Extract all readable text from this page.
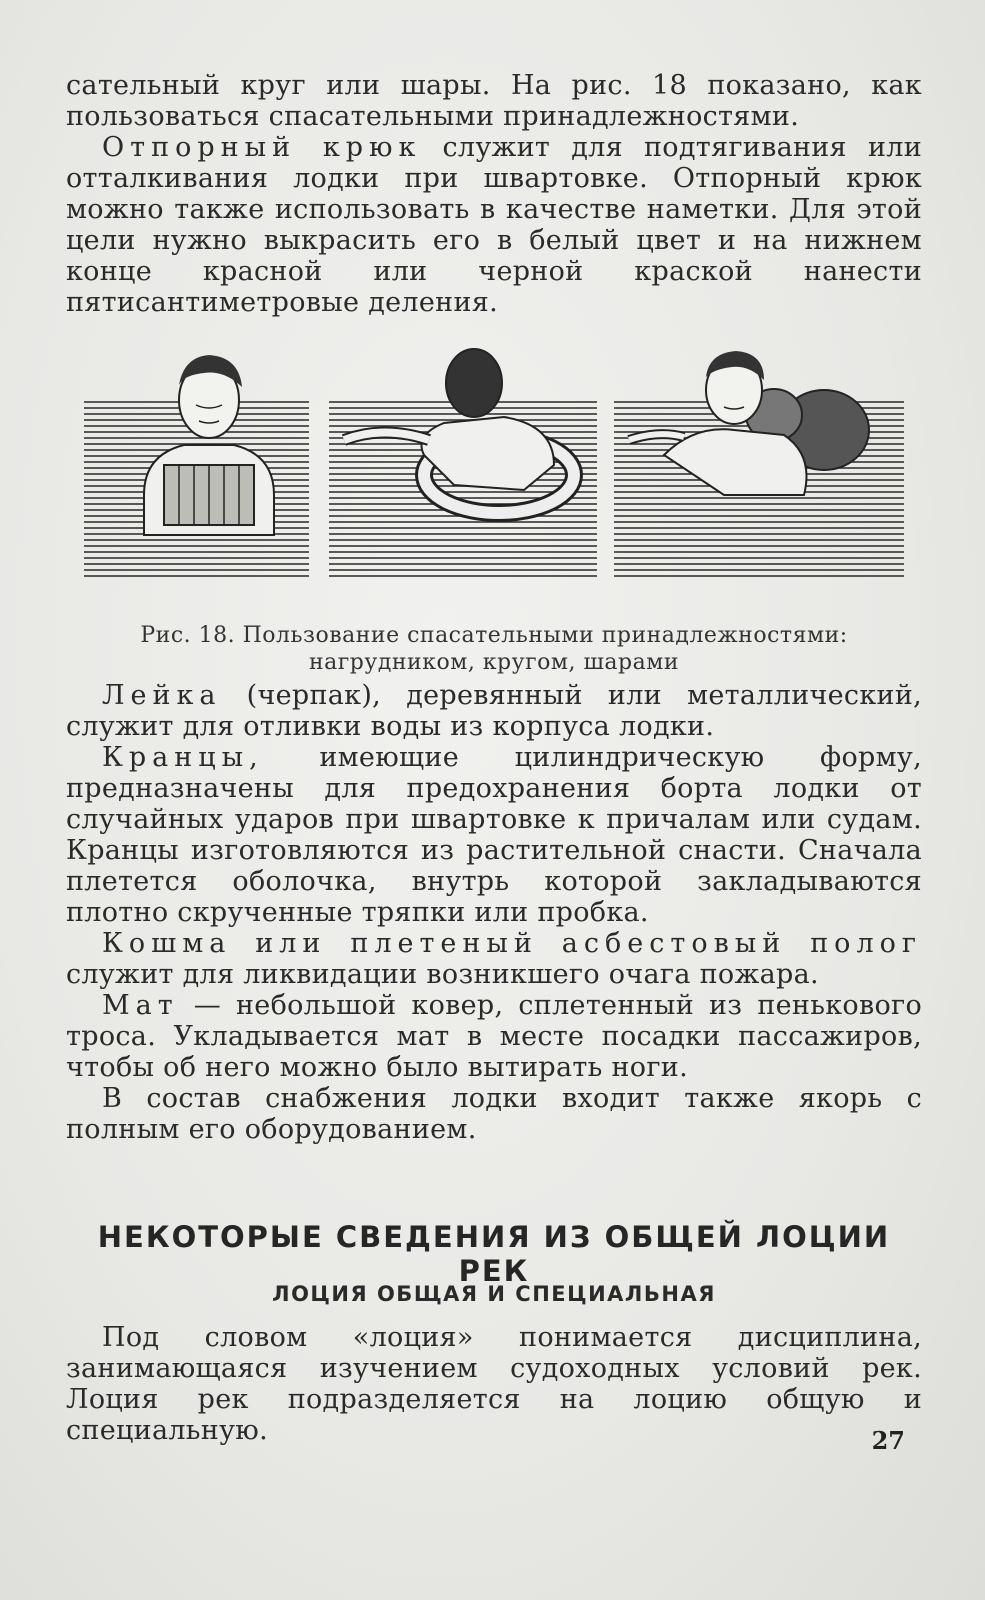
сательный круг или шары. На рис. 18 показано, как пользоваться спасательными принадлежностями.

Отпорный крюк служит для подтягивания или отталкивания лодки при швартовке. Отпорный крюк можно также использовать в качестве наметки. Для этой цели нужно выкрасить его в белый цвет и на нижнем конце красной или черной краской нанести пятисантиметровые деления.

Рис. 18. Пользование спасательными принадлежностями:
нагрудником, кругом, шарами

Лейка (черпак), деревянный или металлический, служит для отливки воды из корпуса лодки.

Кранцы, имеющие цилиндрическую форму, предназначены для предохранения борта лодки от случайных ударов при швартовке к причалам или судам. Кранцы изготовляются из растительной снасти. Сначала плетется оболочка, внутрь которой закладываются плотно скрученные тряпки или пробка.

Кошма или плетеный асбестовый полог служит для ликвидации возникшего очага пожара.

Мат — небольшой ковер, сплетенный из пенькового троса. Укладывается мат в месте посадки пассажиров, чтобы об него можно было вытирать ноги.

В состав снабжения лодки входит также якорь с полным его оборудованием.

НЕКОТОРЫЕ СВЕДЕНИЯ ИЗ ОБЩЕЙ ЛОЦИИ РЕК
ЛОЦИЯ ОБЩАЯ И СПЕЦИАЛЬНАЯ

Под словом «лоция» понимается дисциплина, занимающаяся изучением судоходных условий рек. Лоция рек подразделяется на лоцию общую и специальную.	27
